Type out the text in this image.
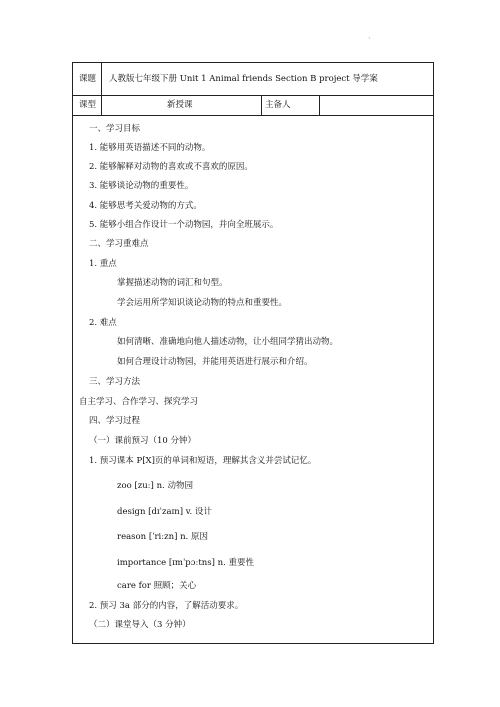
·
课题 人教版七年级下册 Unit 1 Animal friends Section B project 导学案
课型	新授课	主备人
一、学习目标
1. 能够用英语描述不同的动物。
2. 能够解释对动物的喜欢或不喜欢的原因。
3. 能够谈论动物的重要性。
4. 能够思考关爱动物的方式。
5. 能够小组合作设计一个动物园，并向全班展示。
二、学习重难点
1. 重点
掌握描述动物的词汇和句型。
学会运用所学知识谈论动物的特点和重要性。
2. 难点
如何清晰、准确地向他人描述动物，让小组同学猜出动物。
如何合理设计动物园，并能用英语进行展示和介绍。
三、学习方法
自主学习、合作学习、探究学习
四、学习过程
（一）课前预习（10 分钟）
1. 预习课本 P[X]页的单词和短语，理解其含义并尝试记忆。
zoo [zuː] n. 动物园
design [dɪˈzaɪn] v. 设计
reason [ˈriːzn] n. 原因
importance [ɪmˈpɔːtns] n. 重要性
care for 照顾；关心
2. 预习 3a 部分的内容，了解活动要求。
（二）课堂导入（3 分钟）
